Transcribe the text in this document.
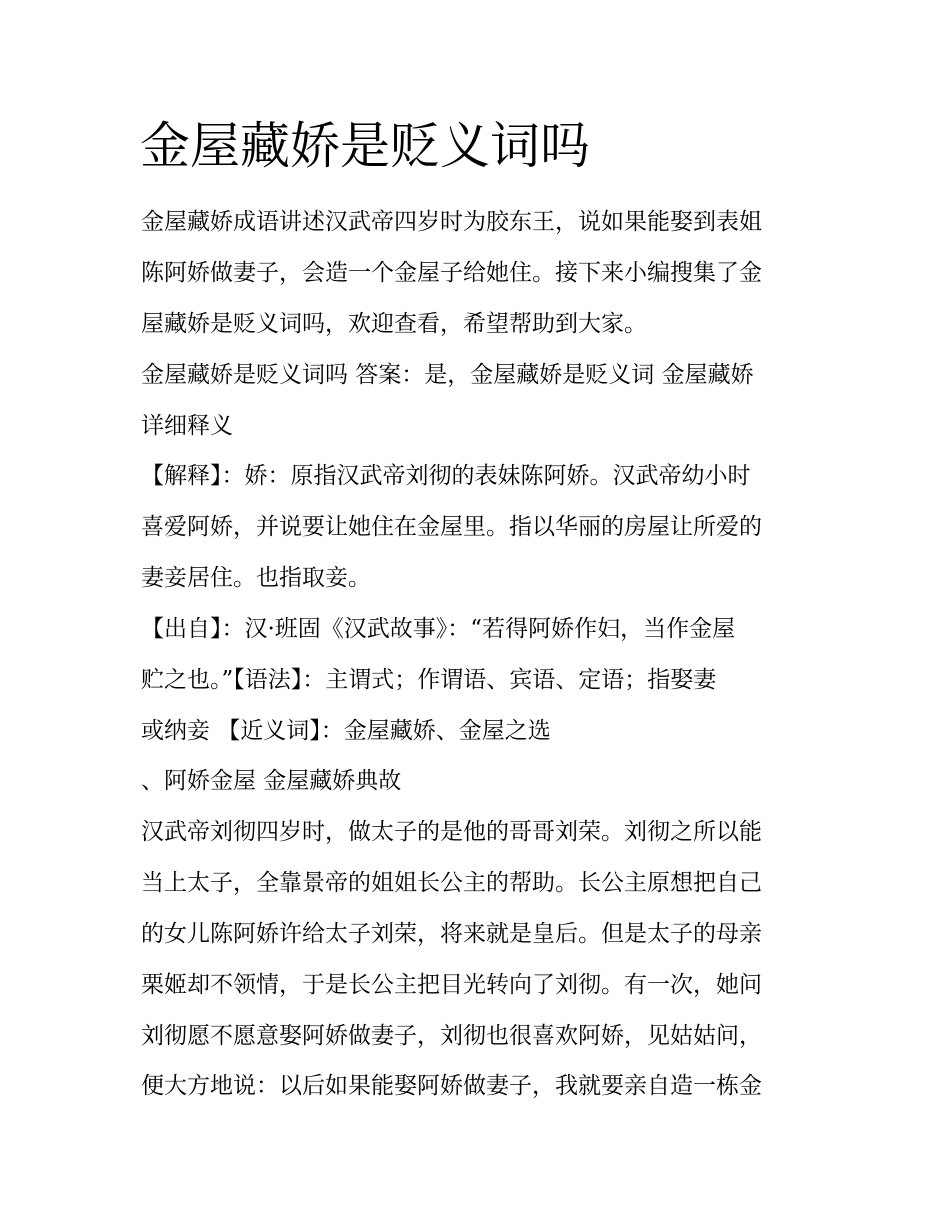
金屋藏娇是贬义词吗

金屋藏娇成语讲述汉武帝四岁时为胶东王，说如果能娶到表姐

陈阿娇做妻子，会造一个金屋子给她住。接下来小编搜集了金

屋藏娇是贬义词吗，欢迎查看，希望帮助到大家。

金屋藏娇是贬义词吗 答案：是，金屋藏娇是贬义词 金屋藏娇

详细释义

【解释】：娇：原指汉武帝刘彻的表妹陈阿娇。汉武帝幼小时

喜爱阿娇，并说要让她住在金屋里。指以华丽的房屋让所爱的

妻妾居住。也指取妾。

【出自】：汉·班固《汉武故事》：“若得阿娇作妇，当作金屋

贮之也。”【语法】：主谓式；作谓语、宾语、定语；指娶妻

或纳妾 【近义词】：金屋藏娇、金屋之选

、阿娇金屋 金屋藏娇典故

汉武帝刘彻四岁时，做太子的是他的哥哥刘荣。刘彻之所以能

当上太子，全靠景帝的姐姐长公主的帮助。长公主原想把自己

的女儿陈阿娇许给太子刘荣，将来就是皇后。但是太子的母亲

栗姬却不领情，于是长公主把目光转向了刘彻。有一次，她问

刘彻愿不愿意娶阿娇做妻子，刘彻也很喜欢阿娇，见姑姑问，

便大方地说：以后如果能娶阿娇做妻子，我就要亲自造一栋金
